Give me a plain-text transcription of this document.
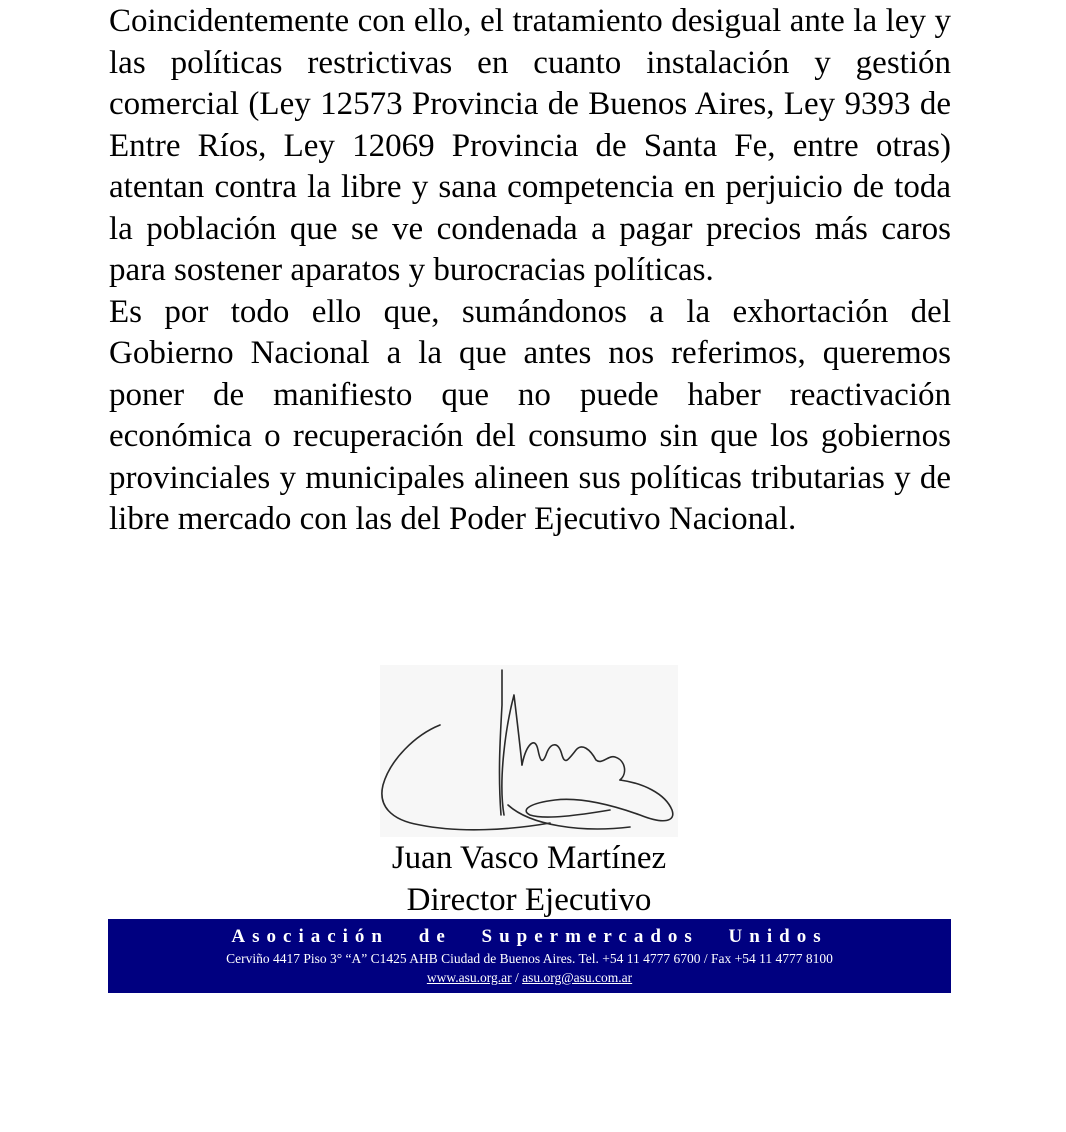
Coincidentemente con ello, el tratamiento desigual ante la ley y las políticas restrictivas en cuanto instalación y gestión comercial (Ley 12573 Provincia de Buenos Aires, Ley 9393 de Entre Ríos, Ley 12069 Provincia de Santa Fe, entre otras) atentan contra la libre y sana competencia en perjuicio de toda la población que se ve condenada a pagar precios más caros para sostener aparatos y burocracias políticas.

Es por todo ello que, sumándonos a la exhortación del Gobierno Nacional a la que antes nos referimos, queremos poner de manifiesto que no puede haber reactivación económica o recuperación del consumo sin que los gobiernos provinciales y municipales alineen sus políticas tributarias y de libre mercado con las del Poder Ejecutivo Nacional.

Juan Vasco Martínez
Director Ejecutivo
Asociación de Supermercados Unidos
Cerviño 4417 Piso 3° “A” C1425 AHB Ciudad de Buenos Aires. Tel. +54 11 4777 6700 / Fax +54 11 4777 8100
www.asu.org.ar / asu.org@asu.com.ar
